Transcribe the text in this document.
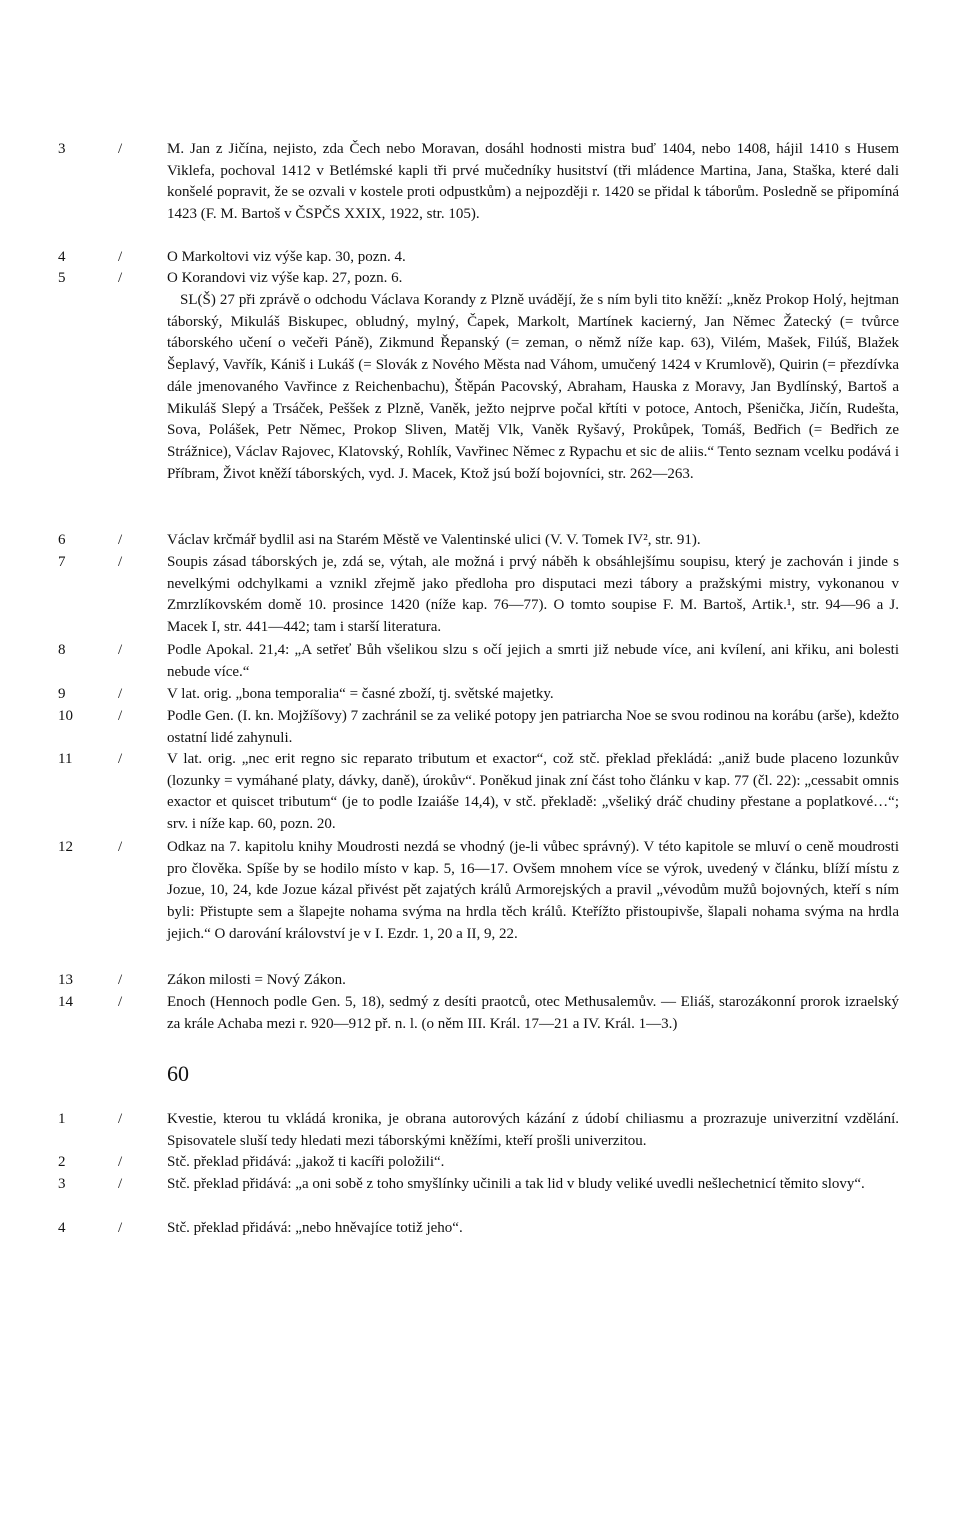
3	/	M. Jan z Jičína, nejisto, zda Čech nebo Moravan, dosáhl hodnosti mistra buď 1404, nebo 1408, hájil 1410 s Husem Viklefa, pochoval 1412 v Betlémské kapli tři prvé mučedníky husitství (tři mládence Martina, Jana, Staška, které dali konšelé popravit, že se ozvali v kostele proti odpustkům) a nejpozději r. 1420 se přidal k táborům. Posledně se připomíná 1423 (F. M. Bartoš v ČSPČS XXIX, 1922, str. 105).
4	/	O Markoltovi viz výše kap. 30, pozn. 4.
5	/	O Korandovi viz výše kap. 27, pozn. 6.
SL(Š) 27 při zprávě o odchodu Václava Korandy z Plzně uvádějí, že s ním byli tito kněží: „kněz Prokop Holý, hejtman táborský, Mikuláš Biskupec, obludný, mylný, Čapek, Markolt, Martínek kacierný, Jan Němec Žatecký (= tvůrce táborského učení o večeři Páně), Zikmund Řepanský (= zeman, o němž níže kap. 63), Vilém, Mašek, Filúš, Blažek Šeplavý, Vavřík, Kániš i Lukáš (= Slovák z Nového Města nad Váhom, umučený 1424 v Krumlově), Quirin (= přezdívka dále jmenovaného Vavřince z Reichenbachu), Štěpán Pacovský, Abraham, Hauska z Moravy, Jan Bydlínský, Bartoš a Mikuláš Slepý a Trsáček, Peššek z Plzně, Vaněk, ježto nejprve počal křtíti v potoce, Antoch, Pšenička, Jičín, Rudešta, Sova, Polášek, Petr Němec, Prokop Sliven, Matěj Vlk, Vaněk Ryšavý, Prokůpek, Tomáš, Bedřich (= Bedřich ze Strážnice), Václav Rajovec, Klatovský, Rohlík, Vavřinec Němec z Rypachu et sic de aliis.“ Tento seznam vcelku podává i Příbram, Život kněží táborských, vyd. J. Macek, Ktož jsú boží bojovníci, str. 262—263.
6	/	Václav krčmář bydlil asi na Starém Městě ve Valentinské ulici (V. V. Tomek IV², str. 91).
7	/	Soupis zásad táborských je, zdá se, výtah, ale možná i prvý náběh k obsáhlejšímu soupisu, který je zachován i jinde s nevelkými odchylkami a vznikl zřejmě jako předloha pro disputaci mezi tábory a pražskými mistry, vykonanou v Zmrzlíkovském domě 10. prosince 1420 (níže kap. 76—77). O tomto soupise F. M. Bartoš, Artik.¹, str. 94—96 a J. Macek I, str. 441—442; tam i starší literatura.
8	/	Podle Apokal. 21,4: „A setřeť Bůh všelikou slzu s očí jejich a smrti již nebude více, ani kvílení, ani křiku, ani bolesti nebude více.“
9	/	V lat. orig. „bona temporalia“ = časné zboží, tj. světské majetky.
10	/	Podle Gen. (I. kn. Mojžíšovy) 7 zachránil se za veliké potopy jen patriarcha Noe se svou rodinou na korábu (arše), kdežto ostatní lidé zahynuli.
11	/	V lat. orig. „nec erit regno sic reparato tributum et exactor“, což stč. překlad překládá: „aniž bude placeno lozunkův (lozunky = vymáhané platy, dávky, daně), úrokův“. Poněkud jinak zní část toho článku v kap. 77 (čl. 22): „cessabit omnis exactor et quiscet tributum“ (je to podle Izaiáše 14,4), v stč. překladě: „všeliký dráč chudiny přestane a poplatkové…“; srv. i níže kap. 60, pozn. 20.
12	/	Odkaz na 7. kapitolu knihy Moudrosti nezdá se vhodný (je-li vůbec správný). V této kapitole se mluví o ceně moudrosti pro člověka. Spíše by se hodilo místo v kap. 5, 16—17. Ovšem mnohem více se výrok, uvedený v článku, blíží místu z Jozue, 10, 24, kde Jozue kázal přivést pět zajatých králů Armorejských a pravil „vévodům mužů bojovných, kteří s ním byli: Přistupte sem a šlapejte nohama svýma na hrdla těch králů. Kteřížto přistoupivše, šlapali nohama svýma na hrdla jejich.“ O darování království je v I. Ezdr. 1, 20 a II, 9, 22.
13	/	Zákon milosti = Nový Zákon.
14	/	Enoch (Hennoch podle Gen. 5, 18), sedmý z desíti praotců, otec Methusalemův. — Eliáš, starozákonní prorok izraelský za krále Achaba mezi r. 920—912 př. n. l. (o něm III. Král. 17—21 a IV. Král. 1—3.)
60
1	/	Kvestie, kterou tu vkládá kronika, je obrana autorových kázání z údobí chiliasmu a prozrazuje univerzitní vzdělání. Spisovatele sluší tedy hledati mezi táborskými kněžími, kteří prošli univerzitou.
2	/	Stč. překlad přidává: „jakož ti kacíři položili“.
3	/	Stč. překlad přidává: „a oni sobě z toho smyšlínky učinili a tak lid v bludy veliké uvedli nešlechetnicí těmito slovy“.
4	/	Stč. překlad přidává: „nebo hněvajíce totiž jeho“.
